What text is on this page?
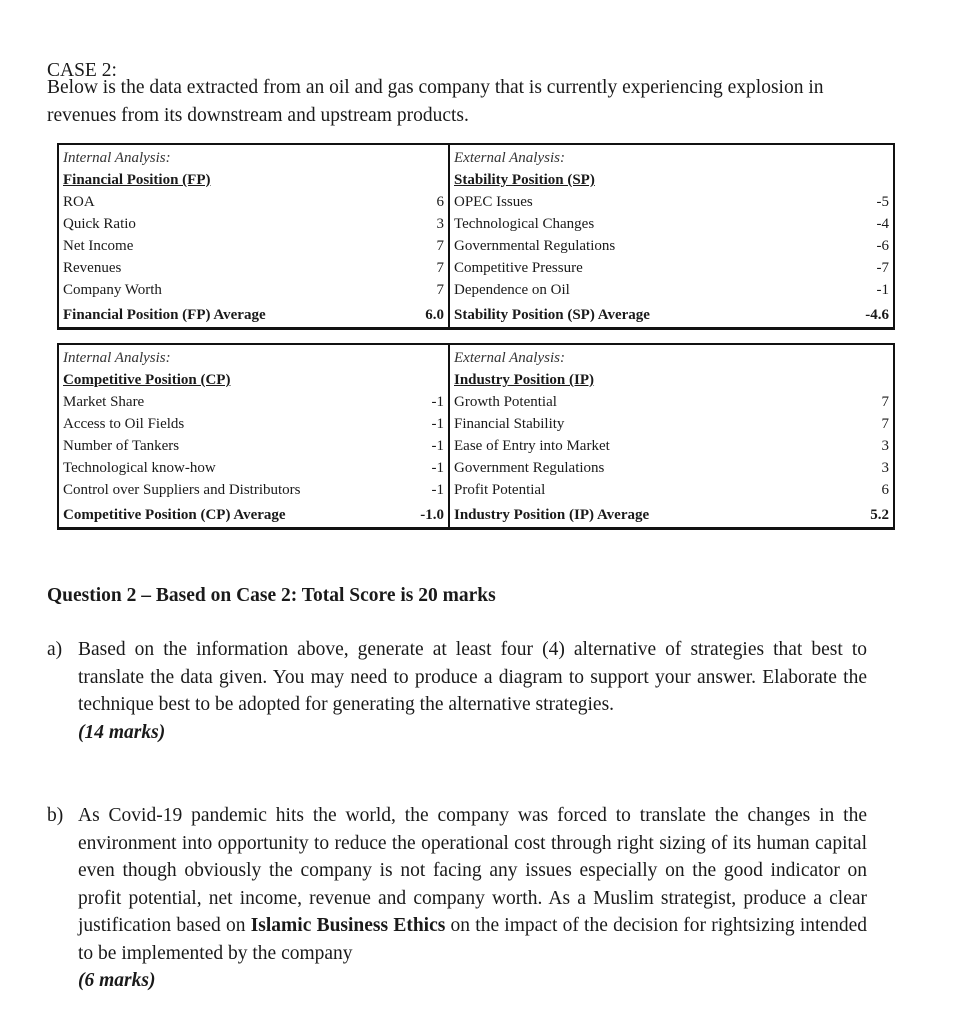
CASE 2:
Below is the data extracted from an oil and gas company that is currently experiencing explosion in revenues from its downstream and upstream products.
Internal Analysis:
Financial Position (FP)
ROA	6
Quick Ratio	3
Net Income	7
Revenues	7
Company Worth	7
Financial Position (FP) Average	6.0
External Analysis:
Stability Position (SP)
OPEC Issues	-5
Technological Changes	-4
Governmental Regulations	-6
Competitive Pressure	-7
Dependence on Oil	-1
Stability Position (SP) Average	-4.6
Internal Analysis:
Competitive Position (CP)
Market Share	-1
Access to Oil Fields	-1
Number of Tankers	-1
Technological know-how	-1
Control over Suppliers and Distributors	-1
Competitive Position (CP) Average	-1.0
External Analysis:
Industry Position (IP)
Growth Potential	7
Financial Stability	7
Ease of Entry into Market	3
Government Regulations	3
Profit Potential	6
Industry Position (IP) Average	5.2
Question 2 – Based on Case 2: Total Score is 20 marks
a) Based on the information above, generate at least four (4) alternative of strategies that best to translate the data given. You may need to produce a diagram to support your answer. Elaborate the technique best to be adopted for generating the alternative strategies.
(14 marks)
b) As Covid-19 pandemic hits the world, the company was forced to translate the changes in the environment into opportunity to reduce the operational cost through right sizing of its human capital even though obviously the company is not facing any issues especially on the good indicator on profit potential, net income, revenue and company worth. As a Muslim strategist, produce a clear justification based on Islamic Business Ethics on the impact of the decision for rightsizing intended to be implemented by the company
(6 marks)
